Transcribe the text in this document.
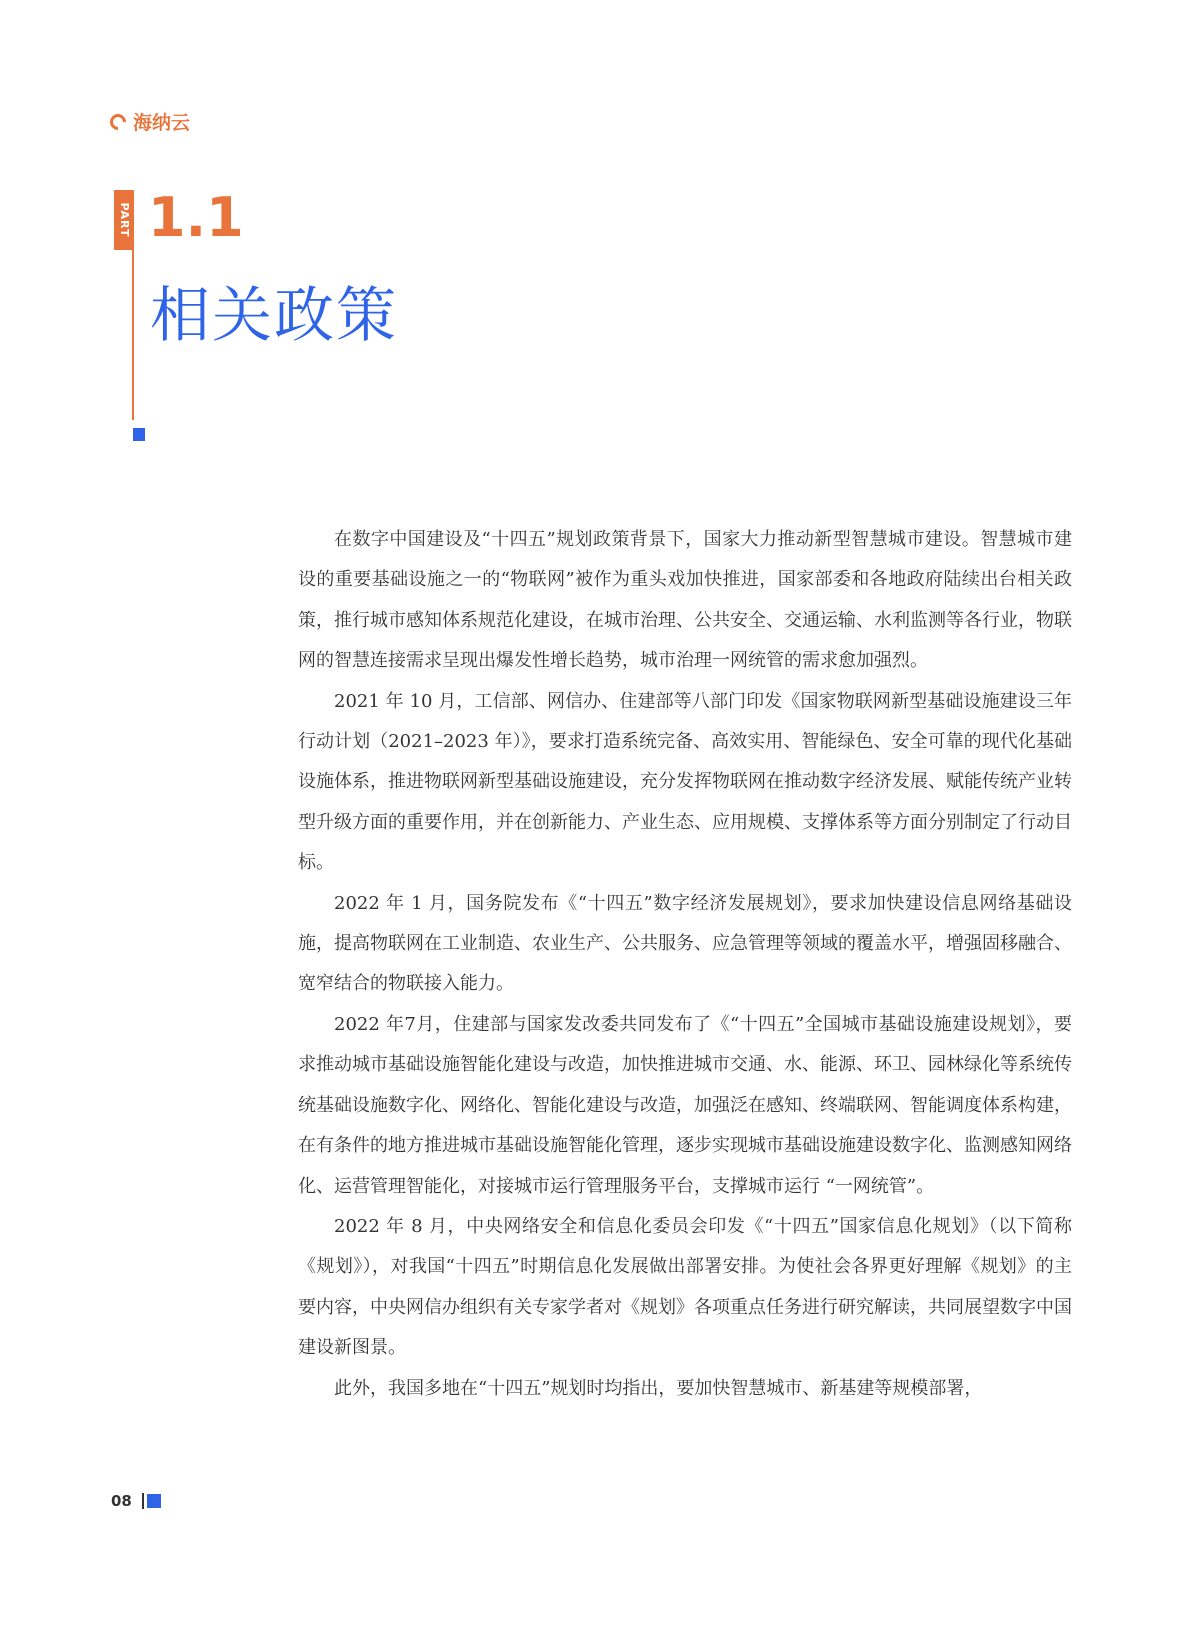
海纳云
PART 1.1
相关政策

在数字中国建设及“十四五”规划政策背景下，国家大力推动新型智慧城市建设。智慧城市建设的重要基础设施之一的“物联网”被作为重头戏加快推进，国家部委和各地政府陆续出台相关政策，推行城市感知体系规范化建设，在城市治理、公共安全、交通运输、水利监测等各行业，物联网的智慧连接需求呈现出爆发性增长趋势，城市治理一网统管的需求愈加强烈。

2021 年 10 月，工信部、网信办、住建部等八部门印发《国家物联网新型基础设施建设三年行动计划（2021–2023 年）》，要求打造系统完备、高效实用、智能绿色、安全可靠的现代化基础设施体系，推进物联网新型基础设施建设，充分发挥物联网在推动数字经济发展、赋能传统产业转型升级方面的重要作用，并在创新能力、产业生态、应用规模、支撑体系等方面分别制定了行动目标。

2022 年 1 月，国务院发布《“十四五”数字经济发展规划》，要求加快建设信息网络基础设施，提高物联网在工业制造、农业生产、公共服务、应急管理等领域的覆盖水平，增强固移融合、宽窄结合的物联接入能力。

2022 年7月，住建部与国家发改委共同发布了《“十四五”全国城市基础设施建设规划》，要求推动城市基础设施智能化建设与改造，加快推进城市交通、水、能源、环卫、园林绿化等系统传统基础设施数字化、网络化、智能化建设与改造，加强泛在感知、终端联网、智能调度体系构建，在有条件的地方推进城市基础设施智能化管理，逐步实现城市基础设施建设数字化、监测感知网络化、运营管理智能化，对接城市运行管理服务平台，支撑城市运行 “一网统管”。

2022 年 8 月，中央网络安全和信息化委员会印发《“十四五”国家信息化规划》（以下简称《规划》），对我国“十四五”时期信息化发展做出部署安排。为使社会各界更好理解《规划》的主要内容，中央网信办组织有关专家学者对《规划》各项重点任务进行研究解读，共同展望数字中国建设新图景。

此外，我国多地在“十四五”规划时均指出，要加快智慧城市、新基建等规模部署，

08
